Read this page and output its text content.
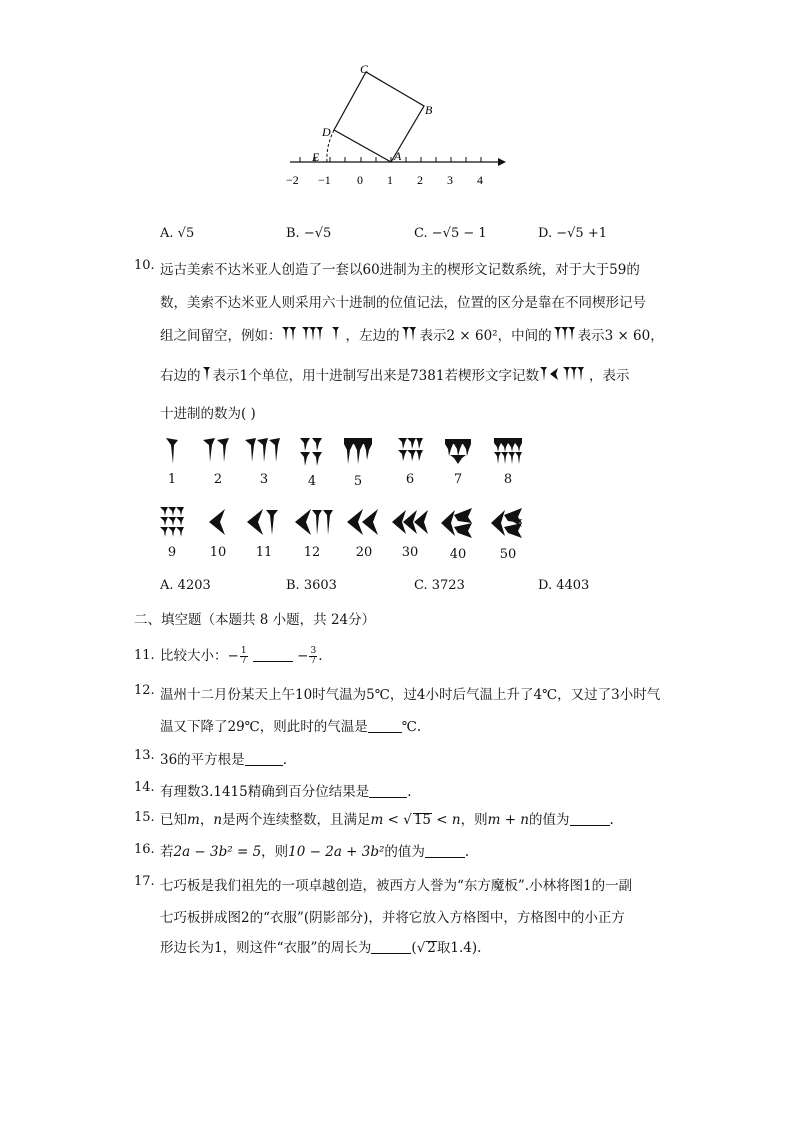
C
B
D
E	A
−2 −1 0 1 2 3 4
A. √5	B. −√5	C. −√5 − 1	D. −√5 +1
10. 远古美索不达米亚人创造了一套以60进制为主的楔形文记数系统，对于大于59的
数，美索不达米亚人则采用六十进制的位值记法，位置的区分是靠在不同楔形记号
组之间留空，例如：	，左边的 表示2 × 60²，中间的 表示3 × 60，
右边的 表示1个单位，用十进制写出来是7381若楔形文字记数	，表示
十进制的数为( )
1	2	3	4	5	6	7	8
9	10	11	12	20	30	40	50
A. 4203	B. 3603	C. 3723	D. 4403
二、填空题（本题共 8 小题，共 24分）
11. 比较大小：− $\frac{1}{7}$	− $\frac{3}{7}$ .
12. 温州十二月份某天上午10时气温为5℃，过4小时后气温上升了4℃，又过了3小时气
温又下降了29℃，则此时的气温是	℃.
13. 36的平方根是	.
14. 有理数3.1415精确到百分位结果是	.
15. 已知m，n是两个连续整数，且满足m < √ 15 < n，则m + n的值为	.
16. 若2a − 3b² = 5，则10 − 2a + 3b²的值为	.
17. 七巧板是我们祖先的一项卓越创造，被西方人誉为“东方魔板”.小林将图1的一副
七巧板拼成图2的“衣服”(阴影部分)，并将它放入方格图中，方格图中的小正方
形边长为1，则这件“衣服”的周长为	(√ 2取1.4).
